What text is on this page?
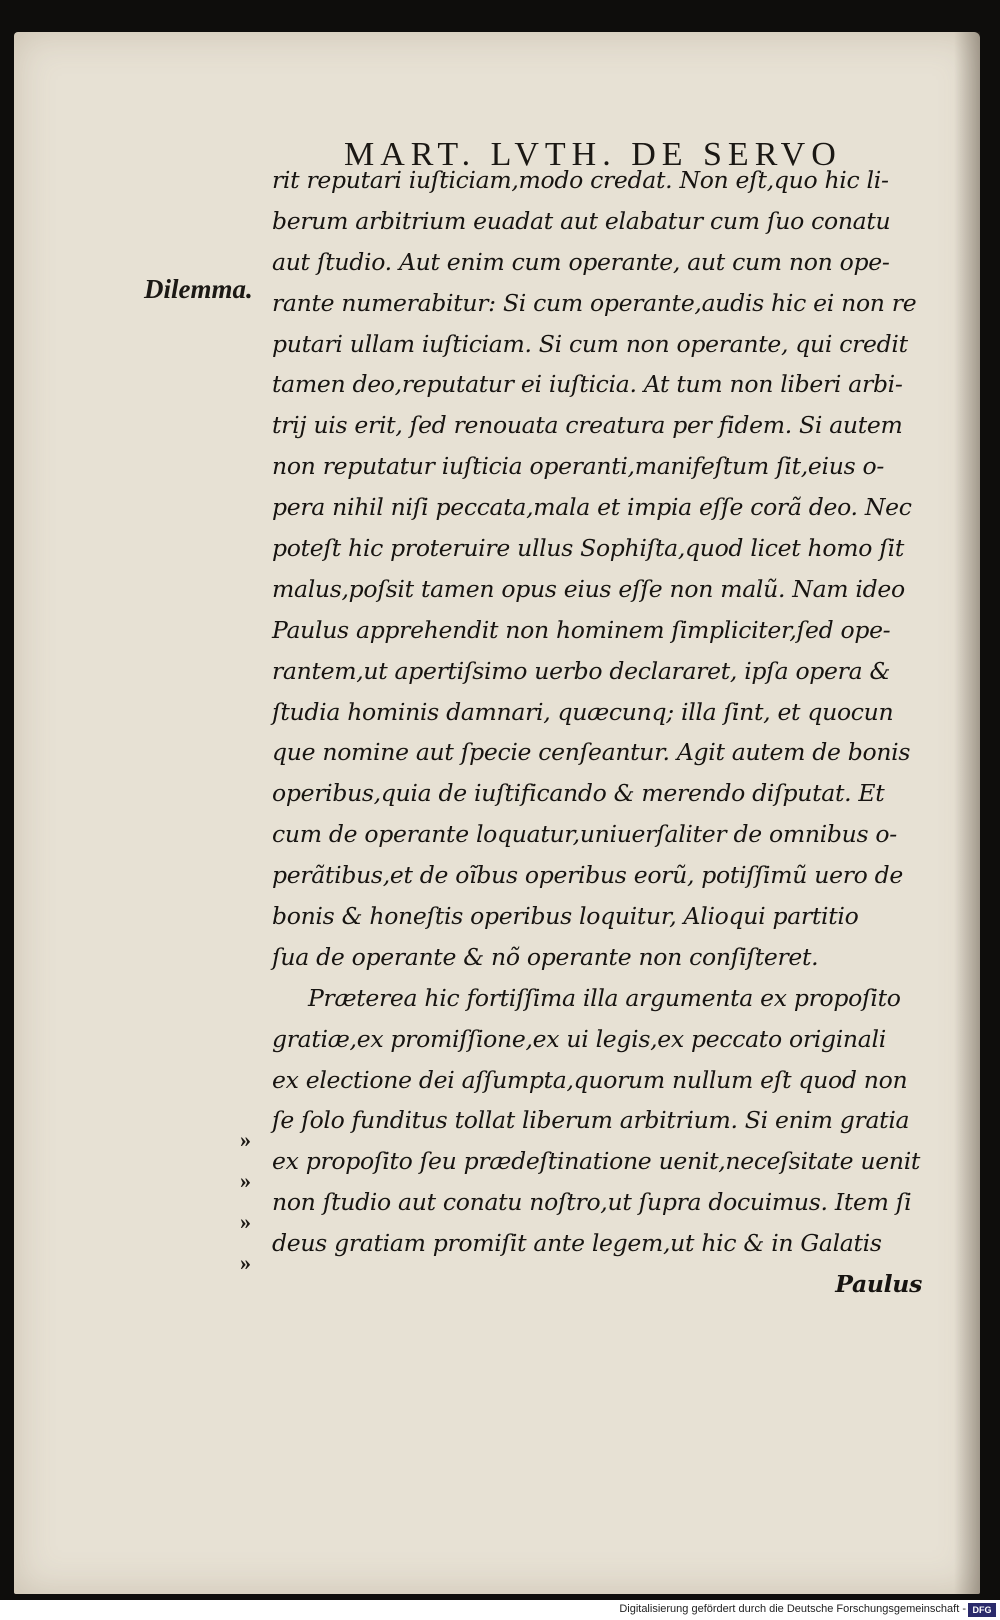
MART. LVTH. DE SERVO
Dilemma.
»
»
»
»
rit reputari iuſticiam,modo credat. Non eſt,quo hic li-
berum arbitrium euadat aut elabatur cum ſuo conatu
aut ſtudio. Aut enim cum operante, aut cum non ope-
rante numerabitur: Si cum operante,audis hic ei non re
putari ullam iuſticiam. Si cum non operante, qui credit
tamen deo,reputatur ei iuſticia. At tum non liberi arbi-
trij uis erit, ſed renouata creatura per fidem. Si autem
non reputatur iuſticia operanti,manifeſtum ſit,eius o-
pera nihil niſi peccata,mala et impia eſſe corã deo. Nec
poteſt hic proteruire ullus Sophiſta,quod licet homo ſit
malus,poſsit tamen opus eius eſſe non malũ. Nam ideo
Paulus apprehendit non hominem ſimpliciter,ſed ope-
rantem,ut apertiſsimo uerbo declararet, ipſa opera &
ſtudia hominis damnari, quæcunq; illa ſint, et quocun
que nomine aut ſpecie cenſeantur. Agit autem de bonis
operibus,quia de iuſtificando & merendo diſputat. Et
cum de operante loquatur,uniuerſaliter de omnibus o-
perãtibus,et de oĩbus operibus eorũ, potiſſimũ uero de
bonis & honeſtis operibus loquitur, Alioqui partitio
ſua de operante & nõ operante non conſiſteret.
Præterea hic fortiſſima illa argumenta ex propoſito
gratiæ,ex promiſſione,ex ui legis,ex peccato originali
ex electione dei aſſumpta,quorum nullum eſt quod non
ſe ſolo funditus tollat liberum arbitrium. Si enim gratia
ex propoſito ſeu prædeſtinatione uenit,neceſsitate uenit
non ſtudio aut conatu noſtro,ut ſupra docuimus. Item ſi
deus gratiam promiſit ante legem,ut hic & in Galatis
Paulus
Digitalisierung gefördert durch die Deutsche Forschungsgemeinschaft - DFG
